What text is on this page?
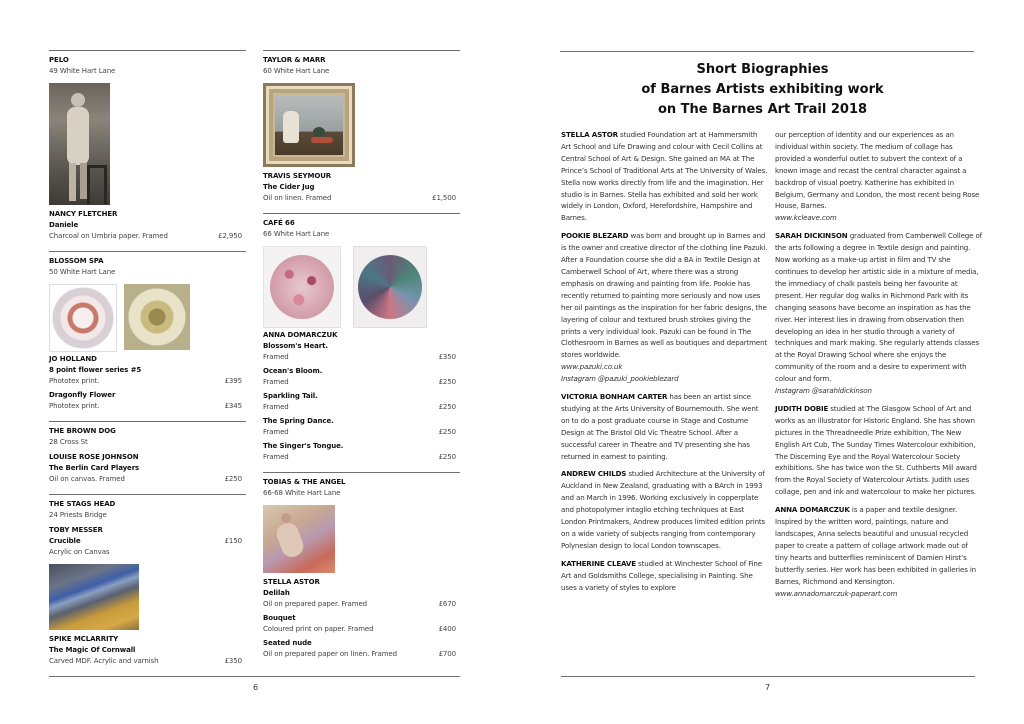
PELO
49 White Hart Lane
NANCY FLETCHER
Daniele
Charcoal on Umbria paper. Framed	£2,950
BLOSSOM SPA
50 White Hart Lane
JO HOLLAND
8 point flower series #5
Phototex print.	£395
Dragonfly Flower
Phototex print.	£345
THE BROWN DOG
28 Cross St
LOUISE ROSE JOHNSON
The Berlin Card Players
Oil on canvas. Framed	£250
THE STAGS HEAD
24 Priests Bridge
TOBY MESSER
Crucible	£150
Acrylic on Canvas
SPIKE MCLARRITY
The Magic Of Cornwall
Carved MDF. Acrylic and varnish	£350
TAYLOR & MARR
60 White Hart Lane
TRAVIS SEYMOUR
The Cider Jug
Oil on linen. Framed	£1,500
CAFÉ 66
66 White Hart Lane
ANNA DOMARCZUK
Blossom's Heart.
Framed	£350
Ocean's Bloom.
Framed	£250
Sparkling Tail.
Framed	£250
The Spring Dance.
Framed	£250
The Singer's Tongue.
Framed	£250
TOBIAS & THE ANGEL
66-68 White Hart Lane
STELLA ASTOR
Delilah
Oil on prepared paper. Framed	£670
Bouquet
Coloured print on paper. Framed	£400
Seated nude
Oil on prepared paper on linen. Framed	£700
6
Short Biographies
of Barnes Artists exhibiting work
on The Barnes Art Trail 2018
STELLA ASTOR studied Foundation art at Hammersmith Art School and Life Drawing and colour with Cecil Collins at Central School of Art & Design. She gained an MA at The Prince’s School of Traditional Arts at The University of Wales. Stella now works directly from life and the imagination. Her studio is in Barnes. Stella has exhibited and sold her work widely in London, Oxford, Herefordshire, Hampshire and Barnes.
POOKIE BLEZARD was born and brought up in Barnes and is the owner and creative director of the clothing line Pazuki. After a Foundation course she did a BA in Textile Design at Camberwell School of Art, where there was a strong emphasis on drawing and painting from life. Pookie has recently returned to painting more seriously and now uses her oil paintings as the inspiration for her fabric designs, the layering of colour and textured brush strokes giving the prints a very individual look. Pazuki can be found in The Clothesroom in Barnes as well as boutiques and department stores worldwide.
www.pazuki.co.uk
Instagram @pazuki_pookieblezard
VICTORIA BONHAM CARTER has been an artist since studying at the Arts University of Bournemouth. She went on to do a post graduate course in Stage and Costume Design at The Bristol Old Vic Theatre School. After a successful career in Theatre and TV presenting she has returned in earnest to painting.
ANDREW CHILDS studied Architecture at the University of Auckland in New Zealand, graduating with a BArch in 1993 and an March in 1996. Working exclusively in copperplate and photopolymer intaglio etching techniques at East London Printmakers, Andrew produces limited edition prints on a wide variety of subjects ranging from contemporary Polynesian design to local London townscapes.
KATHERINE CLEAVE studied at Winchester School of Fine Art and Goldsmiths College, specialising in Painting. She uses a variety of styles to explore
our perception of identity and our experiences as an individual within society. The medium of collage has provided a wonderful outlet to subvert the context of a known image and recast the central character against a backdrop of visual poetry. Katherine has exhibited in Belgium, Germany and London, the most recent being Rose House, Barnes.
www.kcleave.com
SARAH DICKINSON graduated from Camberwell College of the arts following a degree in Textile design and painting. Now working as a make-up artist in film and TV she continues to develop her artistic side in a mixture of media, the immediacy of chalk pastels being her favourite at present. Her regular dog walks in Richmond Park with its changing seasons have become an inspiration as has the river. Her interest lies in drawing from observation then developing an idea in her studio through a variety of techniques and mark making. She regularly attends classes at the Royal Drawing School where she enjoys the community of the room and a desire to experiment with colour and form.
Instagram @sarahldickinson
JUDITH DOBIE studied at The Glasgow School of Art and works as an illustrator for Historic England. She has shown pictures in the Threadneedle Prize exhibition, The New English Art Cub, The Sunday Times Watercolour exhibition, The Discerning Eye and the Royal Watercolour Society exhibitions. She has twice won the St. Cuthberts Mill award from the Royal Society of Watercolour Artists. Judith uses collage, pen and ink and watercolour to make her pictures.
ANNA DOMARCZUK is a paper and textile designer. Inspired by the written word, paintings, nature and landscapes, Anna selects beautiful and unusual recycled paper to create a pattern of collage artwork made out of tiny hearts and butterflies reminiscent of Damien Hirst’s butterfly series. Her work has been exhibited in galleries in Barnes, Richmond and Kensington.
www.annadomarczuk-paperart.com
7
